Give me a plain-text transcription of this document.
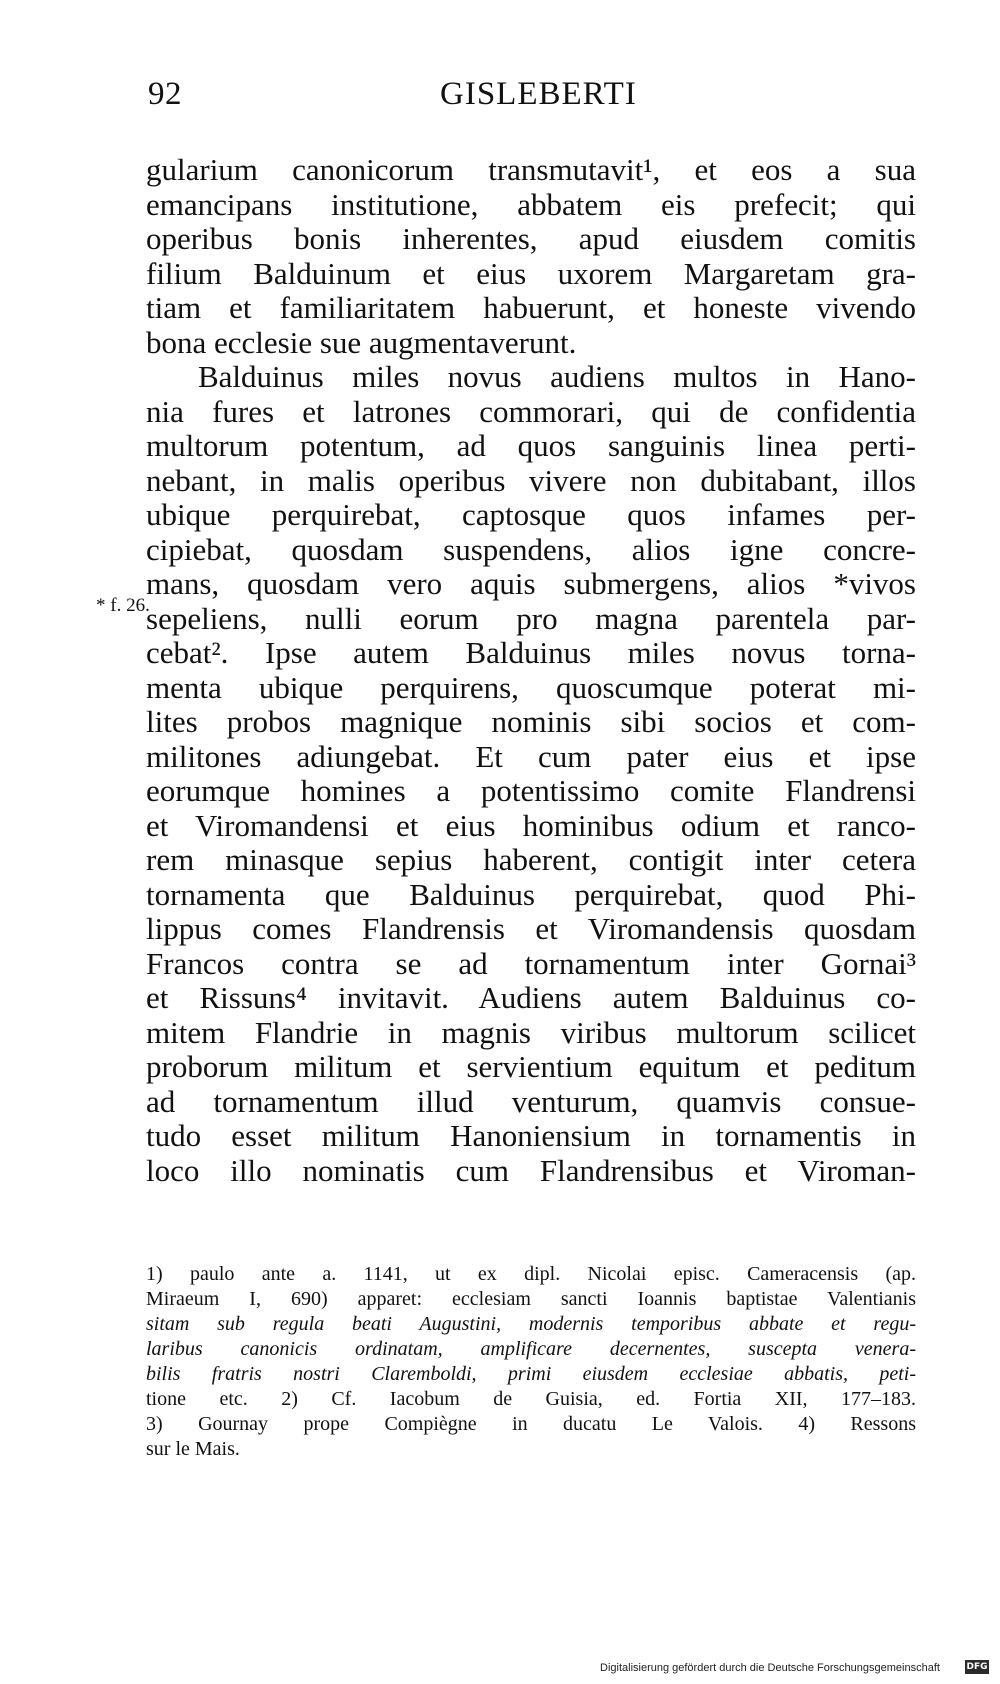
92	GISLEBERTI
* f. 26.
gularium canonicorum transmutavit¹, et eos a sua
emancipans institutione, abbatem eis prefecit; qui
operibus bonis inherentes, apud eiusdem comitis
filium Balduinum et eius uxorem Margaretam gra-
tiam et familiaritatem habuerunt, et honeste vivendo
bona ecclesie sue augmentaverunt.
Balduinus miles novus audiens multos in Hano-
nia fures et latrones commorari, qui de confidentia
multorum potentum, ad quos sanguinis linea perti-
nebant, in malis operibus vivere non dubitabant, illos
ubique perquirebat, captosque quos infames per-
cipiebat, quosdam suspendens, alios igne concre-
mans, quosdam vero aquis submergens, alios *vivos
sepeliens, nulli eorum pro magna parentela par-
cebat². Ipse autem Balduinus miles novus torna-
menta ubique perquirens, quoscumque poterat mi-
lites probos magnique nominis sibi socios et com-
militones adiungebat. Et cum pater eius et ipse
eorumque homines a potentissimo comite Flandrensi
et Viromandensi et eius hominibus odium et ranco-
rem minasque sepius haberent, contigit inter cetera
tornamenta que Balduinus perquirebat, quod Phi-
lippus comes Flandrensis et Viromandensis quosdam
Francos contra se ad tornamentum inter Gornai³
et Rissuns⁴ invitavit. Audiens autem Balduinus co-
mitem Flandrie in magnis viribus multorum scilicet
proborum militum et servientium equitum et peditum
ad tornamentum illud venturum, quamvis consue-
tudo esset militum Hanoniensium in tornamentis in
loco illo nominatis cum Flandrensibus et Viroman-
1) paulo ante a. 1141, ut ex dipl. Nicolai episc. Cameracensis (ap.
Miraeum I, 690) apparet: ecclesiam sancti Ioannis baptistae Valentianis
sitam sub regula beati Augustini, modernis temporibus abbate et regu-
laribus canonicis ordinatam, amplificare decernentes, suscepta venera-
bilis fratris nostri Claremboldi, primi eiusdem ecclesiae abbatis, peti-
tione etc. 2) Cf. Iacobum de Guisia, ed. Fortia XII, 177–183.
3) Gournay prope Compiègne in ducatu Le Valois. 4) Ressons
sur le Mais.
Digitalisierung gefördert durch die Deutsche Forschungsgemeinschaft	DFG
